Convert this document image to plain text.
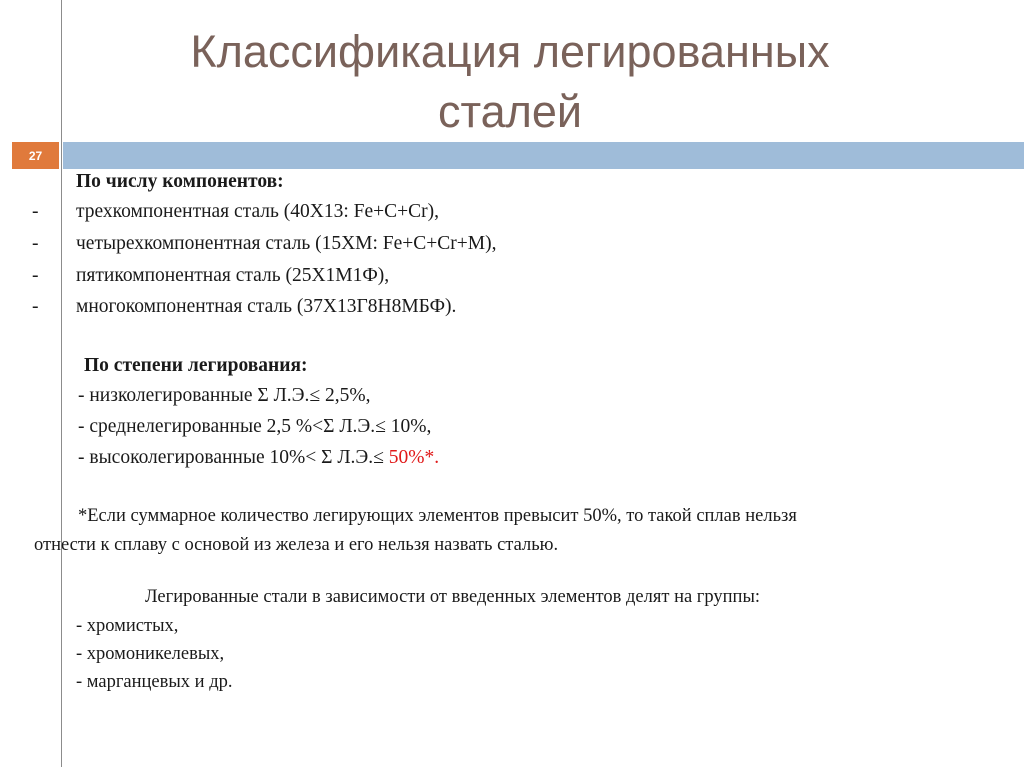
Классификация легированных
сталей
27
По числу компонентов:
- трехкомпонентная сталь (40Х13: Fe+C+Cr),
- четырехкомпонентная сталь (15ХМ: Fe+C+Cr+M),
- пятикомпонентная сталь (25Х1М1Ф),
- многокомпонентная сталь (37Х13Г8Н8МБФ).
По степени легирования:
- низколегированные Σ Л.Э.≤ 2,5%,
- среднелегированные 2,5 %<Σ Л.Э.≤ 10%,
- высоколегированные 10%< Σ Л.Э.≤ 50%*.
*Если суммарное количество легирующих элементов превысит 50%, то такой сплав нельзя
отнести к сплаву с основой из железа и его нельзя назвать сталью.
Легированные стали в зависимости от введенных элементов делят на группы:
- хромистых,
- хромоникелевых,
- марганцевых и др.
